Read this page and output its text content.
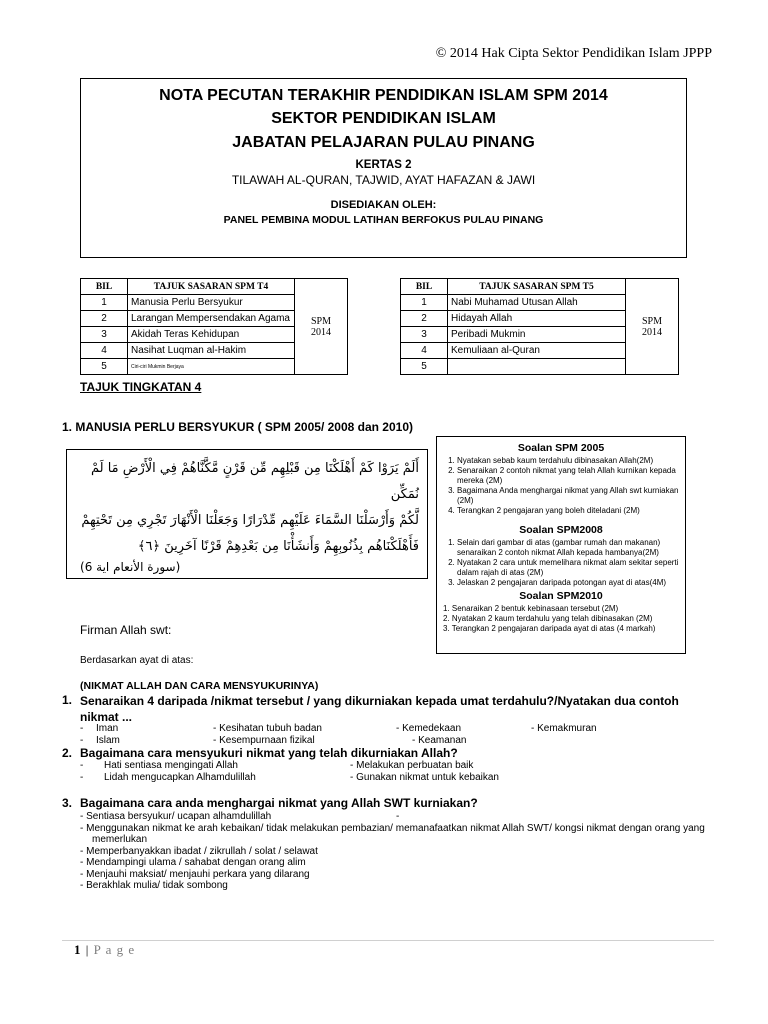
© 2014 Hak Cipta Sektor Pendidikan Islam JPPP
NOTA PECUTAN TERAKHIR PENDIDIKAN ISLAM SPM 2014
SEKTOR PENDIDIKAN ISLAM
JABATAN PELAJARAN PULAU PINANG
KERTAS 2
TILAWAH AL-QURAN, TAJWID, AYAT HAFAZAN & JAWI
DISEDIAKAN OLEH:
PANEL PEMBINA MODUL LATIHAN BERFOKUS PULAU PINANG
BIL	TAJUK SASARAN SPM T4	SPM
2014

1	Manusia Perlu Bersyukur	
2	Larangan Mempersendakan Agama	
3	Akidah Teras Kehidupan	
4	Nasihat Luqman al-Hakim	
5	Ciri-ciri Mukmin Berjaya	
BIL	TAJUK SASARAN SPM T5	SPM
2014

1	Nabi Muhamad Utusan Allah	
2	Hidayah Allah	
3	Peribadi Mukmin	
4	Kemuliaan al-Quran	
5		
TAJUK TINGKATAN 4
1. MANUSIA PERLU BERSYUKUR ( SPM 2005/ 2008 dan 2010)
أَلَمْ يَرَوْا كَمْ أَهْلَكْنَا مِن قَبْلِهِم مِّن قَرْنٍ مَّكَّنَّاهُمْ فِي الْأَرْضِ مَا لَمْ نُمَكِّن
لَّكُمْ وَأَرْسَلْنَا السَّمَاءَ عَلَيْهِم مِّدْرَارًا وَجَعَلْنَا الْأَنْهَارَ تَجْرِي مِن تَحْتِهِمْ
فَأَهْلَكْنَاهُم بِذُنُوبِهِمْ وَأَنشَأْنَا مِن بَعْدِهِمْ قَرْنًا آخَرِينَ ﴿٦﴾
(سورة الأنعام اية 6)
Soalan SPM 2005
1. Nyatakan sebab kaum terdahulu dibinasakan Allah(2M)
2. Senaraikan 2 contoh nikmat yang telah Allah kurnikan kepada mereka (2M)
3. Bagaimana Anda menghargai nikmat yang Allah swt kurniakan (2M)
4. Terangkan 2 pengajaran yang boleh diteladani (2M)
Soalan SPM2008
1. Selain dari gambar di atas (gambar rumah dan makanan) senaraikan 2 contoh nikmat Allah kepada hambanya(2M)
2. Nyatakan 2 cara untuk memelihara nikmat alam sekitar seperti dalam rajah di atas (2M)
3. Jelaskan 2 pengajaran daripada potongan ayat di atas(4M)
Soalan SPM2010
1. Senaraikan 2 bentuk kebinasaan tersebut (2M)
2. Nyatakan 2 kaum terdahulu yang telah dibinasakan (2M)
3. Terangkan 2 pengajaran daripada ayat di atas (4 markah)
Firman Allah swt:
Berdasarkan ayat di atas:
(NIKMAT ALLAH DAN CARA MENSYUKURINYA)
1. Senaraikan 4 daripada /nikmat tersebut / yang dikurniakan kepada umat terdahulu?/Nyatakan dua contoh nikmat ...
- Iman	- Kesihatan tubuh badan	- Kemedekaan	- Kemakmuran
- Islam	- Kesempurnaan fizikal	- Keamanan
2. Bagaimana cara mensyukuri nikmat yang telah dikurniakan Allah?
- Hati sentiasa mengingati Allah	- Melakukan perbuatan baik
- Lidah mengucapkan Alhamdulillah	- Gunakan nikmat untuk kebaikan
3. Bagaimana cara anda menghargai nikmat yang Allah SWT kurniakan?
- Sentiasa bersyukur/ ucapan alhamdulillah
- Menggunakan nikmat ke arah kebaikan/ tidak melakukan pembazian/ memanafaatkan nikmat Allah SWT/ kongsi nikmat dengan orang yang
memerlukan
- Memperbanyakkan ibadat / zikrullah / solat / selawat
- Mendampingi ulama / sahabat dengan orang alim
- Menjauhi maksiat/ menjauhi perkara yang dilarang
- Berakhlak mulia/ tidak sombong
-
1 | P a g e
